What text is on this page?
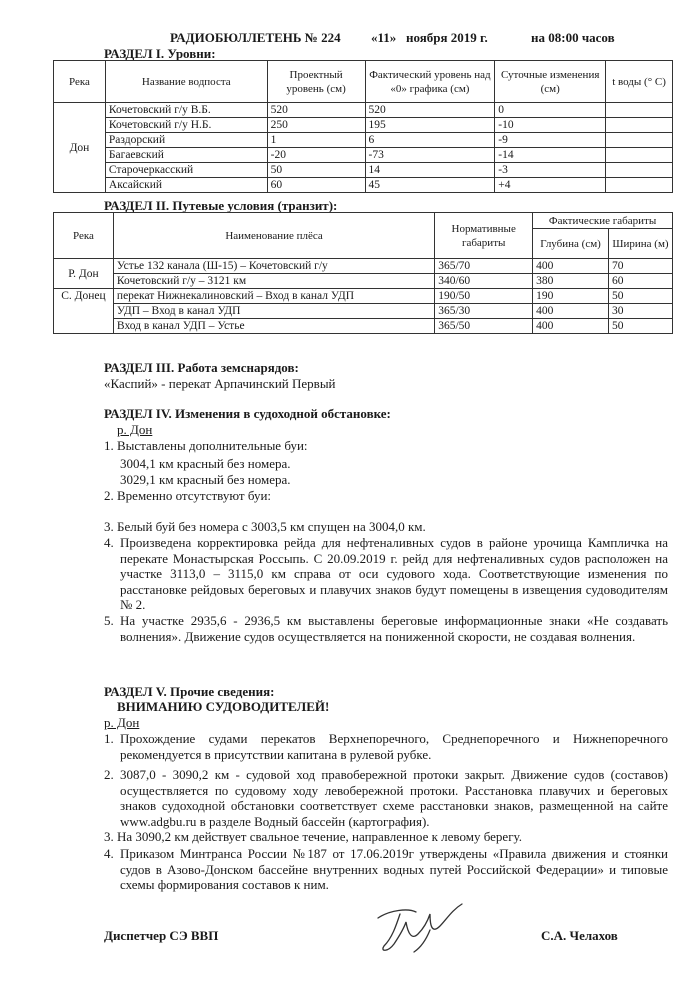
РАДИОБЮЛЛЕТЕНЬ № 224 «11» ноября 2019 г.	на 08:00 часов
РАЗДЕЛ I. Уровни:
Река	Название водпоста	Проектный уровень (см)	Фактический уровень над «0» графика (см)	Суточные изменения (см)	t воды (° С)
Дон	Кочетовский г/у В.Б.	520	520	0	
	Кочетовский г/у Н.Б.	250	195	-10	
	Раздорский	1	6	-9	
	Багаевский	-20	-73	-14	
	Старочеркасский	50	14	-3	
	Аксайский	60	45	+4	
РАЗДЕЛ II. Путевые условия (транзит):
Река	Наименование плёса	Нормативные габариты	Фактические габариты	
			Глубина (см)	Ширина (м)
Р. Дон	Устье 132 канала (Ш-15) – Кочетовский г/у	365/70	400	70
	Кочетовский г/у – 3121 км	340/60	380	60
С. Донец	перекат Нижнекалиновский – Вход в канал УДП	190/50	190	50
	УДП – Вход в канал УДП	365/30	400	30
	Вход в канал УДП – Устье	365/50	400	50
РАЗДЕЛ III. Работа земснарядов:
«Каспий» - перекат Арпачинский Первый
РАЗДЕЛ IV. Изменения в судоходной обстановке:
р. Дон
1. Выставлены дополнительные буи:
3004,1 км красный без номера.
3029,1 км красный без номера.
2. Временно отсутствуют буи:
3. Белый буй без номера с 3003,5 км спущен на 3004,0 км.
4. Произведена корректировка рейда для нефтеналивных судов в районе урочища Кампличка на перекате Монастырская Россыпь. С 20.09.2019 г. рейд для нефтеналивных судов расположен на участке 3113,0 – 3115,0 км справа от оси судового хода. Соответствующие изменения по расстановке рейдовых береговых и плавучих знаков будут помещены в извещения судоводителям № 2.
5. На участке 2935,6 - 2936,5 км выставлены береговые информационные знаки «Не создавать волнения». Движение судов осуществляется на пониженной скорости, не создавая волнения.
РАЗДЕЛ V. Прочие сведения:
ВНИМАНИЮ СУДОВОДИТЕЛЕЙ!
р. Дон
1. Прохождение судами перекатов Верхнепоречного, Среднепоречного и Нижнепоречного рекомендуется в присутствии капитана в рулевой рубке.
2. 3087,0 - 3090,2 км - судовой ход правобережной протоки закрыт. Движение судов (составов) осуществляется по судовому ходу левобережной протоки. Расстановка плавучих и береговых знаков судоходной обстановки соответствует схеме расстановки знаков, размещенной на сайте www.adgbu.ru в разделе Водный бассейн (картография).
3. На 3090,2 км действует свальное течение, направленное к левому берегу.
4. Приказом Минтранса России №187 от 17.06.2019г утверждены «Правила движения и стоянки судов в Азово-Донском бассейне внутренних водных путей Российской Федерации» и типовые схемы формирования составов к ним.
Диспетчер СЭ ВВП	С.А. Челахов
